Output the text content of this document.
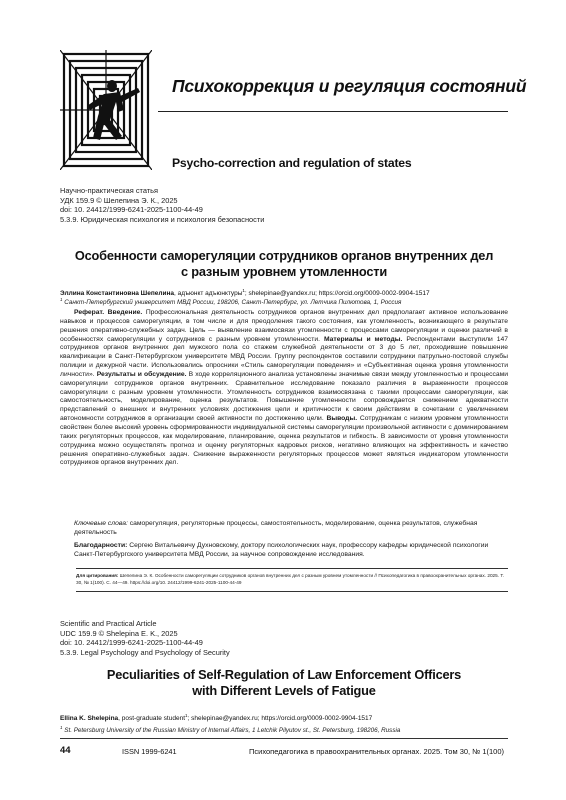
Психокоррекция и регуляция состояний
Psycho-correction and regulation of states
Научно-практическая статья
УДК 159.9 © Шелепина Э. К., 2025
doi: 10. 24412/1999-6241-2025-1100-44-49
5.3.9. Юридическая психология и психология безопасности
Особенности саморегуляции сотрудников органов внутренних дел
с разным уровнем утомленности
Эллина Константиновна Шепелина, адъюнкт адъюнктуры$^1$; shelepinae@yandex.ru; https://orcid.org/0009-0002-9904-1517
$^1$ Санкт-Петербургский университет МВД России, 198206, Санкт-Петербург, ул. Летчика Пилютова, 1, Россия

Реферат. Введение. Профессиональная деятельность сотрудников органов внутренних дел предполагает активное использование навыков и процессов саморегуляции, в том числе и для преодоления такого состояния, как утомленность, возникающего в результате решения оперативно-служебных задач. Цель — выявление взаимосвязи утомленности с процессами саморегуляции и оценки различий в особенностях саморегуляции у сотрудников с разным уровнем утомленности. Материалы и методы. Респондентами выступили 147 сотрудников органов внутренних дел мужского пола со стажем служебной деятельности от 3 до 5 лет, проходившие повышение квалификации в Санкт-Петербургском университете МВД России. Группу респондентов составили сотрудники патрульно-постовой службы полиции и дежурной части. Использовались опросники «Стиль саморегуляции поведения» и «Субъективная оценка уровня утомленности личности». Результаты и обсуждение. В ходе корреляционного анализа установлены значимые связи между утомленностью и процессами саморегуляции сотрудников органов внутренних. Сравнительное исследование показало различия в выраженности процессов саморегуляции с разным уровнем утомленности. Утомленность сотрудников взаимосвязана с такими процессами саморегуляции, как самостоятельность, моделирование, оценка результатов. Повышение утомленности сопровождается снижением адекватности представлений о внешних и внутренних условиях достижения цели и критичности к своим действиям в сочетании с увеличением автономности сотрудников в организации своей активности по достижению цели. Выводы. Сотрудникам с низким уровнем утомленности свойствен более высокий уровень сформированности индивидуальной системы саморегуляции произвольной активности с доминированием таких регуляторных процессов, как моделирование, планирование, оценка результатов и гибкость. В зависимости от уровня утомленности сотрудника можно осуществлять прогноз и оценку регуляторных кадровых рисков, негативно влияющих на эффективность и качество решения оперативно-служебных задач. Снижение выраженности регуляторных процессов может являться индикатором утомленности сотрудников органов внутренних дел.

Ключевые слова: саморегуляция, регуляторные процессы, самостоятельность, моделирование, оценка результатов, служебная деятельность
Благодарности: Сергею Витальевичу Духновскому, доктору психологических наук, профессору кафедры юридической психологии Санкт-Петербургского университета МВД России, за научное сопровождение исследования.
Для цитирования: Шепелина Э. К. Особенности саморегуляции сотрудников органов внутренних дел с разным уровнем утомленности // Психопедагогика в правоохранительных органах. 2025. Т. 30, № 1(100). С. 44—49. https://doi.org/10. 24412/1999-6241-2025-1100-44-49
Scientific and Practical Article
UDC 159.9 © Shelepina E. K., 2025
doi: 10. 24412/1999-6241-2025-1100-44-49
5.3.9. Legal Psychology and Psychology of Security
Peculiarities of Self-Regulation of Law Enforcement Officers
with Different Levels of Fatigue
Ellina K. Shelepina, post-graduate student$^1$; shelepinae@yandex.ru; https://orcid.org/0009-0002-9904-1517
$^1$ St. Petersburg University of the Russian Ministry of Internal Affairs, 1 Letchik Pilyutov st., St. Petersburg, 198206, Russia
44	ISSN 1999-6241	Психопедагогика в правоохранительных органах. 2025. Том 30, № 1(100)
